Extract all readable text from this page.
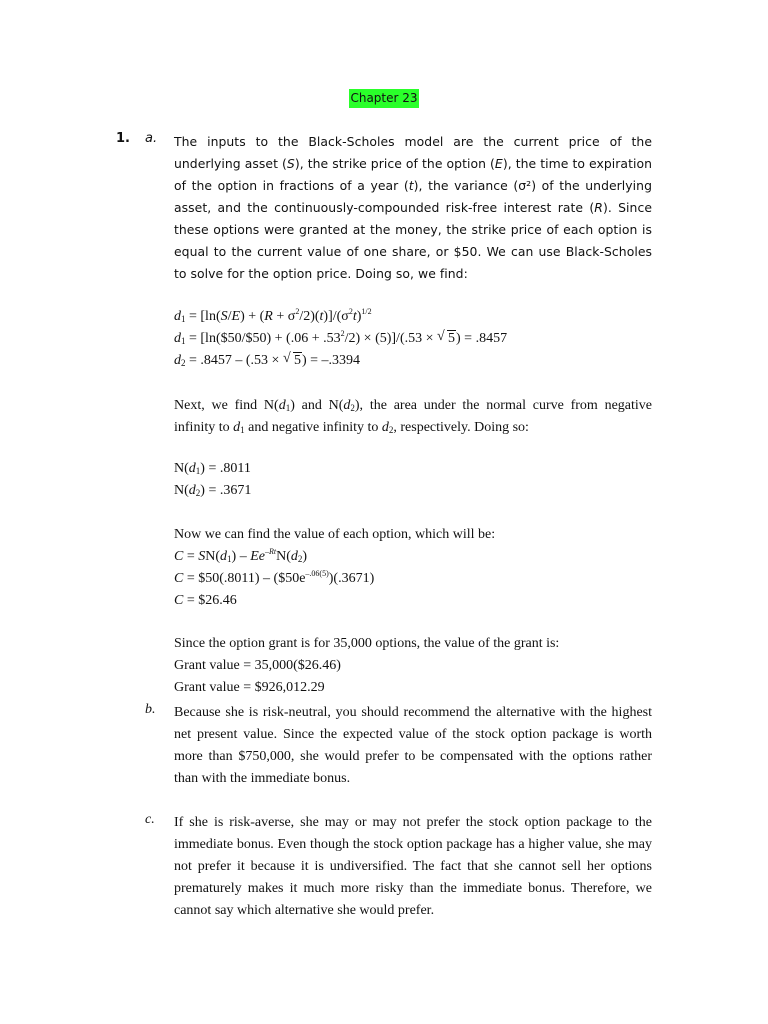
Chapter 23
1. a. The inputs to the Black-Scholes model are the current price of the underlying asset (S), the strike price of the option (E), the time to expiration of the option in fractions of a year (t), the variance (σ²) of the underlying asset, and the continuously-compounded risk-free interest rate (R). Since these options were granted at the money, the strike price of each option is equal to the current value of one share, or $50. We can use Black-Scholes to solve for the option price. Doing so, we find:

$d_1 = [\ln(S/E) + (R + \sigma^2/2)(t)]/(\sigma^2t)^{1/2}$
$d_1$ = [ln($50/$50) + $(.06 + .53^2/2) \times (5)]/(.53$ × √ 5) = .8457
$d_2 = .8457 - (.53$ × √ 5) = –.3394

Next, we find $N(d_1)$ and $N(d_2)$, the area under the normal curve from negative infinity to $d_1$ and negative infinity to $d_2$, respectively. Doing so:

$N(d_1) = .8011$
$N(d_2) = .3671$
Now we can find the value of each option, which will be:
$C = SN(d_1) - Ee^{-Rt}N(d_2)$
C = $50(.8011) – $(\$50e^{-.06(5)})(.3671)$
C = $26.46
Since the option grant is for 35,000 options, the value of the grant is:
Grant value = 35,000($26.46)
Grant value = $926,012.29
b. Because she is risk-neutral, you should recommend the alternative with the highest net present value. Since the expected value of the stock option package is worth more than $750,000, she would prefer to be compensated with the options rather than with the immediate bonus.

c. If she is risk-averse, she may or may not prefer the stock option package to the immediate bonus. Even though the stock option package has a higher value, she may not prefer it because it is undiversified. The fact that she cannot sell her options prematurely makes it much more risky than the immediate bonus. Therefore, we cannot say which alternative she would prefer.
